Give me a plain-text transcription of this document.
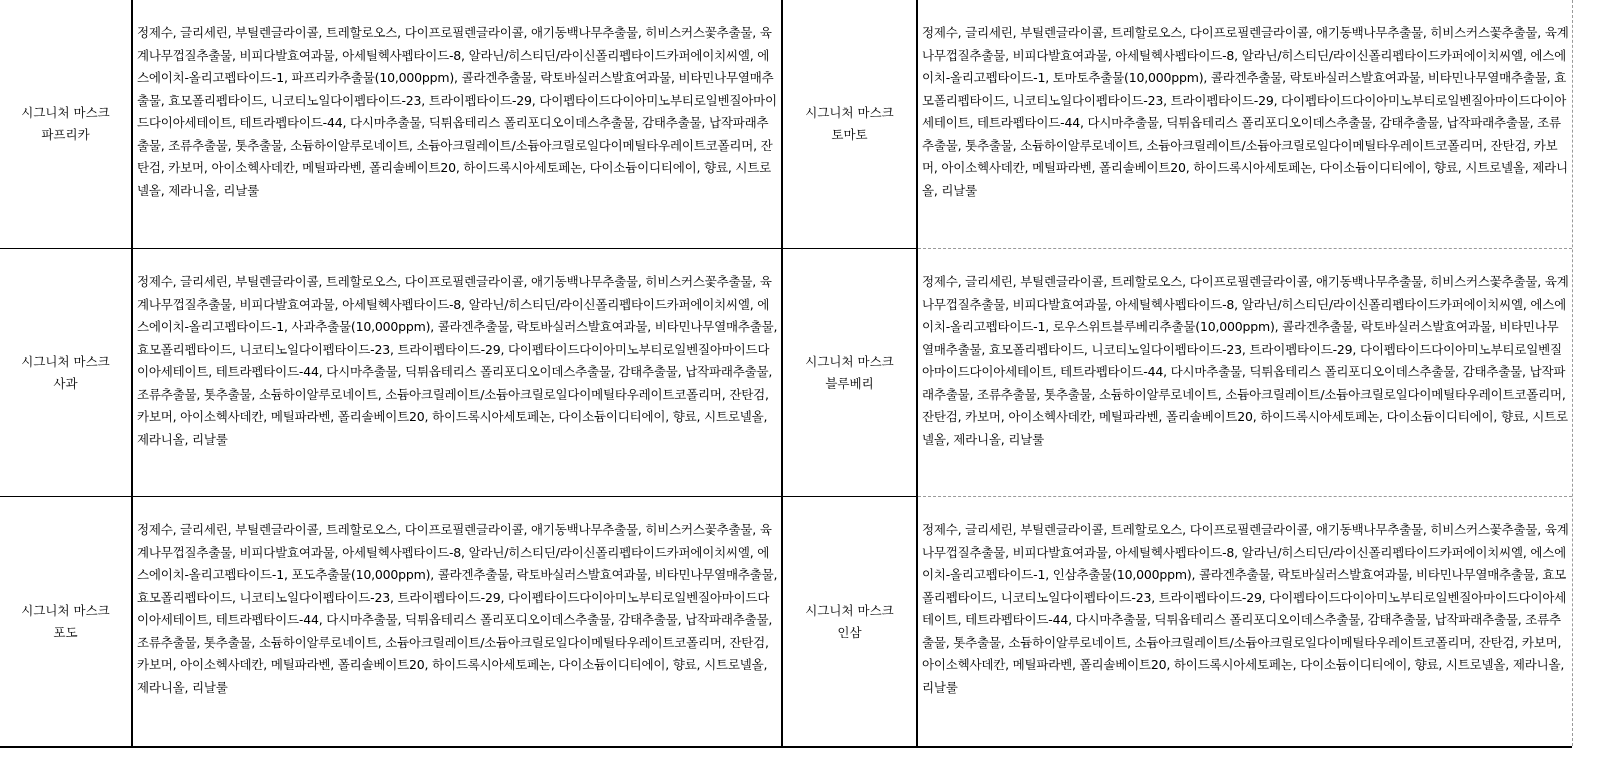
시그니처 마스크
파프리카
정제수, 글리세린, 부틸렌글라이콜, 트레할로오스, 다이프로필렌글라이콜, 애기동백나무추출물, 히비스커스꽃추출물, 육계나무껍질추출물, 비피다발효여과물, 아세틸헥사펩타이드-8, 알라닌/히스티딘/라이신폴리펩타이드카퍼에이치씨엘, 에스에이치-올리고펩타이드-1, 파프리카추출물(10,000ppm), 콜라겐추출물, 락토바실러스발효여과물, 비타민나무열매추출물, 효모폴리펩타이드, 니코티노일다이펩타이드-23, 트라이펩타이드-29, 다이펩타이드다이아미노부티로일벤질아마이드다이아세테이트, 테트라펩타이드-44, 다시마추출물, 딕튀옵테리스 폴리포디오이데스추출물, 감태추출물, 납작파래추출물, 조류추출물, 톳추출물, 소듐하이알루로네이트, 소듐아크릴레이트/소듐아크릴로일다이메틸타우레이트코폴리머, 잔탄검, 카보머, 아이소헥사데칸, 메틸파라벤, 폴리솔베이트20, 하이드록시아세토페논, 다이소듐이디티에이, 향료, 시트로넬올, 제라니올, 리날룰
시그니처 마스크
토마토
정제수, 글리세린, 부틸렌글라이콜, 트레할로오스, 다이프로필렌글라이콜, 애기동백나무추출물, 히비스커스꽃추출물, 육계나무껍질추출물, 비피다발효여과물, 아세틸헥사펩타이드-8, 알라닌/히스티딘/라이신폴리펩타이드카퍼에이치씨엘, 에스에이치-올리고펩타이드-1, 토마토추출물(10,000ppm), 콜라겐추출물, 락토바실러스발효여과물, 비타민나무열매추출물, 효모폴리펩타이드, 니코티노일다이펩타이드-23, 트라이펩타이드-29, 다이펩타이드다이아미노부티로일벤질아마이드다이아세테이트, 테트라펩타이드-44, 다시마추출물, 딕튀옵테리스 폴리포디오이데스추출물, 감태추출물, 납작파래추출물, 조류추출물, 톳추출물, 소듐하이알루로네이트, 소듐아크릴레이트/소듐아크릴로일다이메틸타우레이트코폴리머, 잔탄검, 카보머, 아이소헥사데칸, 메틸파라벤, 폴리솔베이트20, 하이드록시아세토페논, 다이소듐이디티에이, 향료, 시트로넬올, 제라니올, 리날룰
시그니처 마스크
사과
정제수, 글리세린, 부틸렌글라이콜, 트레할로오스, 다이프로필렌글라이콜, 애기동백나무추출물, 히비스커스꽃추출물, 육계나무껍질추출물, 비피다발효여과물, 아세틸헥사펩타이드-8, 알라닌/히스티딘/라이신폴리펩타이드카퍼에이치씨엘, 에스에이치-올리고펩타이드-1, 사과추출물(10,000ppm), 콜라겐추출물, 락토바실러스발효여과물, 비타민나무열매추출물, 효모폴리펩타이드, 니코티노일다이펩타이드-23, 트라이펩타이드-29, 다이펩타이드다이아미노부티로일벤질아마이드다이아세테이트, 테트라펩타이드-44, 다시마추출물, 딕튀옵테리스 폴리포디오이데스추출물, 감태추출물, 납작파래추출물, 조류추출물, 톳추출물, 소듐하이알루로네이트, 소듐아크릴레이트/소듐아크릴로일다이메틸타우레이트코폴리머, 잔탄검, 카보머, 아이소헥사데칸, 메틸파라벤, 폴리솔베이트20, 하이드록시아세토페논, 다이소듐이디티에이, 향료, 시트로넬올, 제라니올, 리날룰
시그니처 마스크
블루베리
정제수, 글리세린, 부틸렌글라이콜, 트레할로오스, 다이프로필렌글라이콜, 애기동백나무추출물, 히비스커스꽃추출물, 육계나무껍질추출물, 비피다발효여과물, 아세틸헥사펩타이드-8, 알라닌/히스티딘/라이신폴리펩타이드카퍼에이치씨엘, 에스에이치-올리고펩타이드-1, 로우스위트블루베리추출물(10,000ppm), 콜라겐추출물, 락토바실러스발효여과물, 비타민나무열매추출물, 효모폴리펩타이드, 니코티노일다이펩타이드-23, 트라이펩타이드-29, 다이펩타이드다이아미노부티로일벤질아마이드다이아세테이트, 테트라펩타이드-44, 다시마추출물, 딕튀옵테리스 폴리포디오이데스추출물, 감태추출물, 납작파래추출물, 조류추출물, 톳추출물, 소듐하이알루로네이트, 소듐아크릴레이트/소듐아크릴로일다이메틸타우레이트코폴리머, 잔탄검, 카보머, 아이소헥사데칸, 메틸파라벤, 폴리솔베이트20, 하이드록시아세토페논, 다이소듐이디티에이, 향료, 시트로넬올, 제라니올, 리날룰
시그니처 마스크
포도
정제수, 글리세린, 부틸렌글라이콜, 트레할로오스, 다이프로필렌글라이콜, 애기동백나무추출물, 히비스커스꽃추출물, 육계나무껍질추출물, 비피다발효여과물, 아세틸헥사펩타이드-8, 알라닌/히스티딘/라이신폴리펩타이드카퍼에이치씨엘, 에스에이치-올리고펩타이드-1, 포도추출물(10,000ppm), 콜라겐추출물, 락토바실러스발효여과물, 비타민나무열매추출물, 효모폴리펩타이드, 니코티노일다이펩타이드-23, 트라이펩타이드-29, 다이펩타이드다이아미노부티로일벤질아마이드다이아세테이트, 테트라펩타이드-44, 다시마추출물, 딕튀옵테리스 폴리포디오이데스추출물, 감태추출물, 납작파래추출물, 조류추출물, 톳추출물, 소듐하이알루로네이트, 소듐아크릴레이트/소듐아크릴로일다이메틸타우레이트코폴리머, 잔탄검, 카보머, 아이소헥사데칸, 메틸파라벤, 폴리솔베이트20, 하이드록시아세토페논, 다이소듐이디티에이, 향료, 시트로넬올, 제라니올, 리날룰
시그니처 마스크
인삼
정제수, 글리세린, 부틸렌글라이콜, 트레할로오스, 다이프로필렌글라이콜, 애기동백나무추출물, 히비스커스꽃추출물, 육계나무껍질추출물, 비피다발효여과물, 아세틸헥사펩타이드-8, 알라닌/히스티딘/라이신폴리펩타이드카퍼에이치씨엘, 에스에이치-올리고펩타이드-1, 인삼추출물(10,000ppm), 콜라겐추출물, 락토바실러스발효여과물, 비타민나무열매추출물, 효모폴리펩타이드, 니코티노일다이펩타이드-23, 트라이펩타이드-29, 다이펩타이드다이아미노부티로일벤질아마이드다이아세테이트, 테트라펩타이드-44, 다시마추출물, 딕튀옵테리스 폴리포디오이데스추출물, 감태추출물, 납작파래추출물, 조류추출물, 톳추출물, 소듐하이알루로네이트, 소듐아크릴레이트/소듐아크릴로일다이메틸타우레이트코폴리머, 잔탄검, 카보머, 아이소헥사데칸, 메틸파라벤, 폴리솔베이트20, 하이드록시아세토페논, 다이소듐이디티에이, 향료, 시트로넬올, 제라니올, 리날룰
